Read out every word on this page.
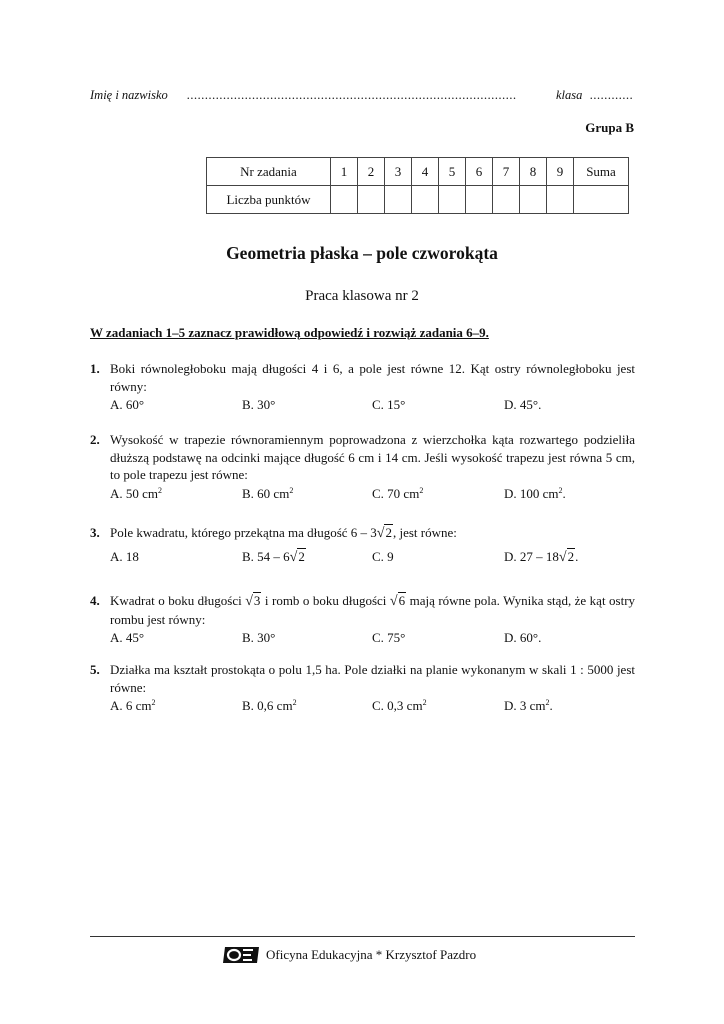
Imię i nazwisko ...........................................................................................	klasa ............
Grupa B
Nr zadania	1	2	3	4	5	6	7	8	9	Suma
Liczba punktów										
Geometria płaska – pole czworokąta
Praca klasowa nr 2
W zadaniach 1–5 zaznacz prawidłową odpowiedź i rozwiąż zadania 6–9.
1. Boki równoległoboku mają długości 4 i 6, a pole jest równe 12. Kąt ostry równoległoboku jest równy:
A. 60°	B. 30°	C. 15°	D. 45°.
2. Wysokość w trapezie równoramiennym poprowadzona z wierzchołka kąta rozwartego podzieliła dłuższą podstawę na odcinki mające długość 6 cm i 14 cm. Jeśli wysokość trapezu jest równa 5 cm, to pole trapezu jest równe:
A. 50 $cm^2$	B. 60 $cm^2$	C. 70 $cm^2$	D. 100 $cm^2$.
3. Pole kwadratu, którego przekątna ma długość 6 – 3√2, jest równe:
A. 18	B. 54 – 6√2	C. 9	D. 27 – 18√2.
4. Kwadrat o boku długości √3 i romb o boku długości √6 mają równe pola. Wynika stąd, że kąt ostry rombu jest równy:
A. 45°	B. 30°	C. 75°	D. 60°.
5. Działka ma kształt prostokąta o polu 1,5 ha. Pole działki na planie wykonanym w skali 1 : 5000 jest równe:
A. 6 $cm^2$	B. 0,6 $cm^2$	C. 0,3 $cm^2$	D. 3 $cm^2$.
Oficyna Edukacyjna * Krzysztof Pazdro
